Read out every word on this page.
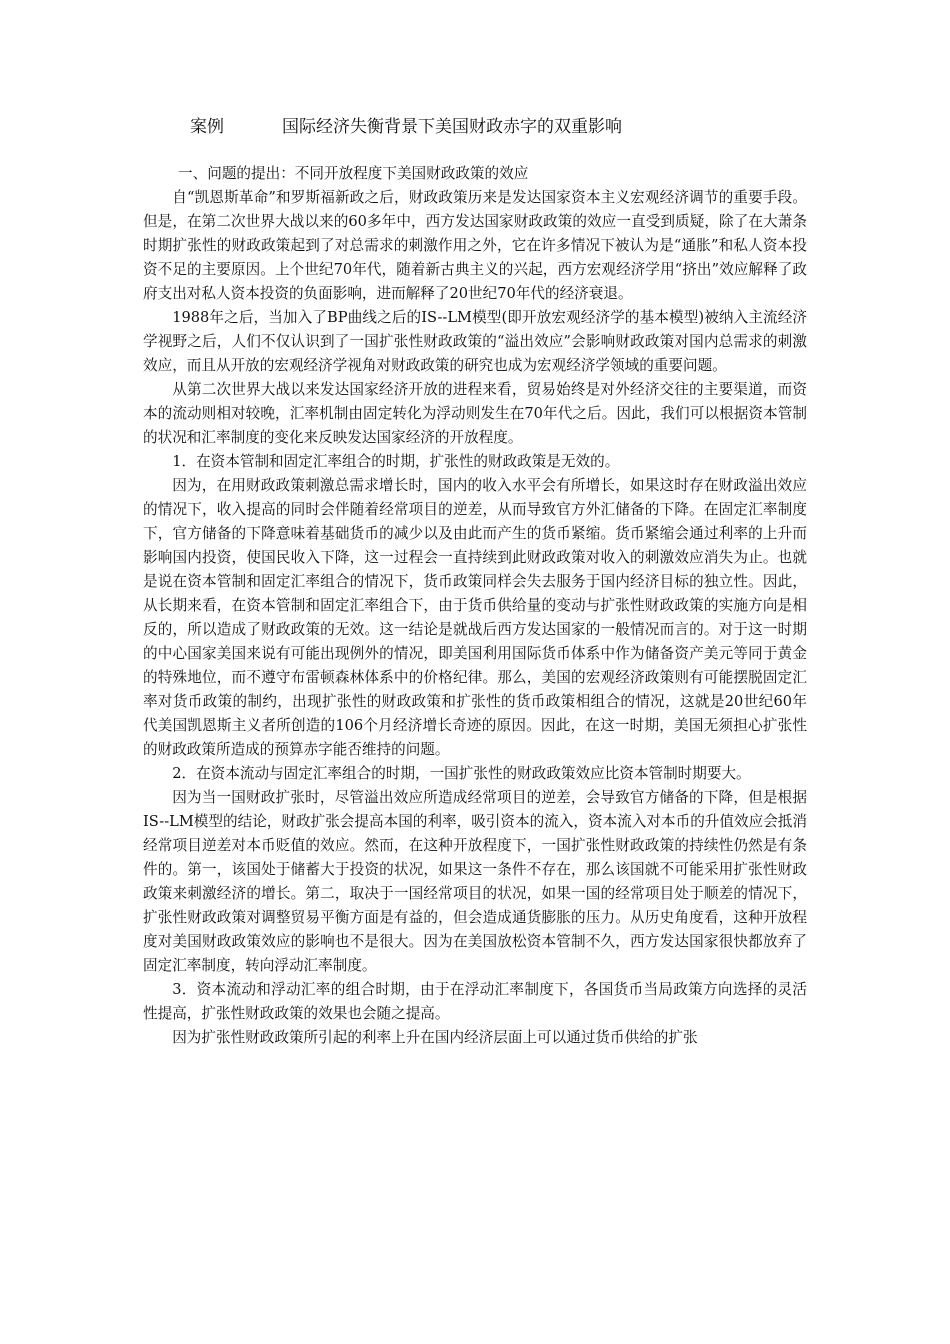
案例	国际经济失衡背景下美国财政赤字的双重影响

一、问题的提出：不同开放程度下美国财政政策的效应

自“凯恩斯革命”和罗斯福新政之后，财政政策历来是发达国家资本主义宏观经济调节的重要手段。但是，在第二次世界大战以来的60多年中，西方发达国家财政政策的效应一直受到质疑，除了在大萧条时期扩张性的财政政策起到了对总需求的刺激作用之外，它在许多情况下被认为是“通胀”和私人资本投资不足的主要原因。上个世纪70年代，随着新古典主义的兴起，西方宏观经济学用“挤出”效应解释了政府支出对私人资本投资的负面影响，进而解释了20世纪70年代的经济衰退。

1988年之后，当加入了BP曲线之后的IS--LM模型(即开放宏观经济学的基本模型)被纳入主流经济学视野之后，人们不仅认识到了一国扩张性财政政策的“溢出效应”会影响财政政策对国内总需求的刺激效应，而且从开放的宏观经济学视角对财政政策的研究也成为宏观经济学领域的重要问题。

从第二次世界大战以来发达国家经济开放的进程来看，贸易始终是对外经济交往的主要渠道，而资本的流动则相对较晚，汇率机制由固定转化为浮动则发生在70年代之后。因此，我们可以根据资本管制的状况和汇率制度的变化来反映发达国家经济的开放程度。

1．在资本管制和固定汇率组合的时期，扩张性的财政政策是无效的。

因为，在用财政政策刺激总需求增长时，国内的收入水平会有所增长，如果这时存在财政溢出效应的情况下，收入提高的同时会伴随着经常项目的逆差，从而导致官方外汇储备的下降。在固定汇率制度下，官方储备的下降意味着基础货币的减少以及由此而产生的货币紧缩。货币紧缩会通过利率的上升而影响国内投资，使国民收入下降，这一过程会一直持续到此财政政策对收入的刺激效应消失为止。也就是说在资本管制和固定汇率组合的情况下，货币政策同样会失去服务于国内经济目标的独立性。因此，从长期来看，在资本管制和固定汇率组合下，由于货币供给量的变动与扩张性财政政策的实施方向是相反的，所以造成了财政政策的无效。这一结论是就战后西方发达国家的一般情况而言的。对于这一时期的中心国家美国来说有可能出现例外的情况，即美国利用国际货币体系中作为储备资产美元等同于黄金的特殊地位，而不遵守布雷顿森林体系中的价格纪律。那么，美国的宏观经济政策则有可能摆脱固定汇率对货币政策的制约，出现扩张性的财政政策和扩张性的货币政策相组合的情况，这就是20世纪60年代美国凯恩斯主义者所创造的106个月经济增长奇迹的原因。因此，在这一时期，美国无须担心扩张性的财政政策所造成的预算赤字能否维持的问题。

2．在资本流动与固定汇率组合的时期，一国扩张性的财政政策效应比资本管制时期要大。

因为当一国财政扩张时，尽管溢出效应所造成经常项目的逆差，会导致官方储备的下降，但是根据IS--LM模型的结论，财政扩张会提高本国的利率，吸引资本的流入，资本流入对本币的升值效应会抵消经常项目逆差对本币贬值的效应。然而，在这种开放程度下，一国扩张性财政政策的持续性仍然是有条件的。第一，该国处于储蓄大于投资的状况，如果这一条件不存在，那么该国就不可能采用扩张性财政政策来刺激经济的增长。第二，取决于一国经常项目的状况，如果一国的经常项目处于顺差的情况下，扩张性财政政策对调整贸易平衡方面是有益的，但会造成通货膨胀的压力。从历史角度看，这种开放程度对美国财政政策效应的影响也不是很大。因为在美国放松资本管制不久，西方发达国家很快都放弃了固定汇率制度，转向浮动汇率制度。

3．资本流动和浮动汇率的组合时期，由于在浮动汇率制度下，各国货币当局政策方向选择的灵活性提高，扩张性财政政策的效果也会随之提高。

因为扩张性财政政策所引起的利率上升在国内经济层面上可以通过货币供给的扩张
